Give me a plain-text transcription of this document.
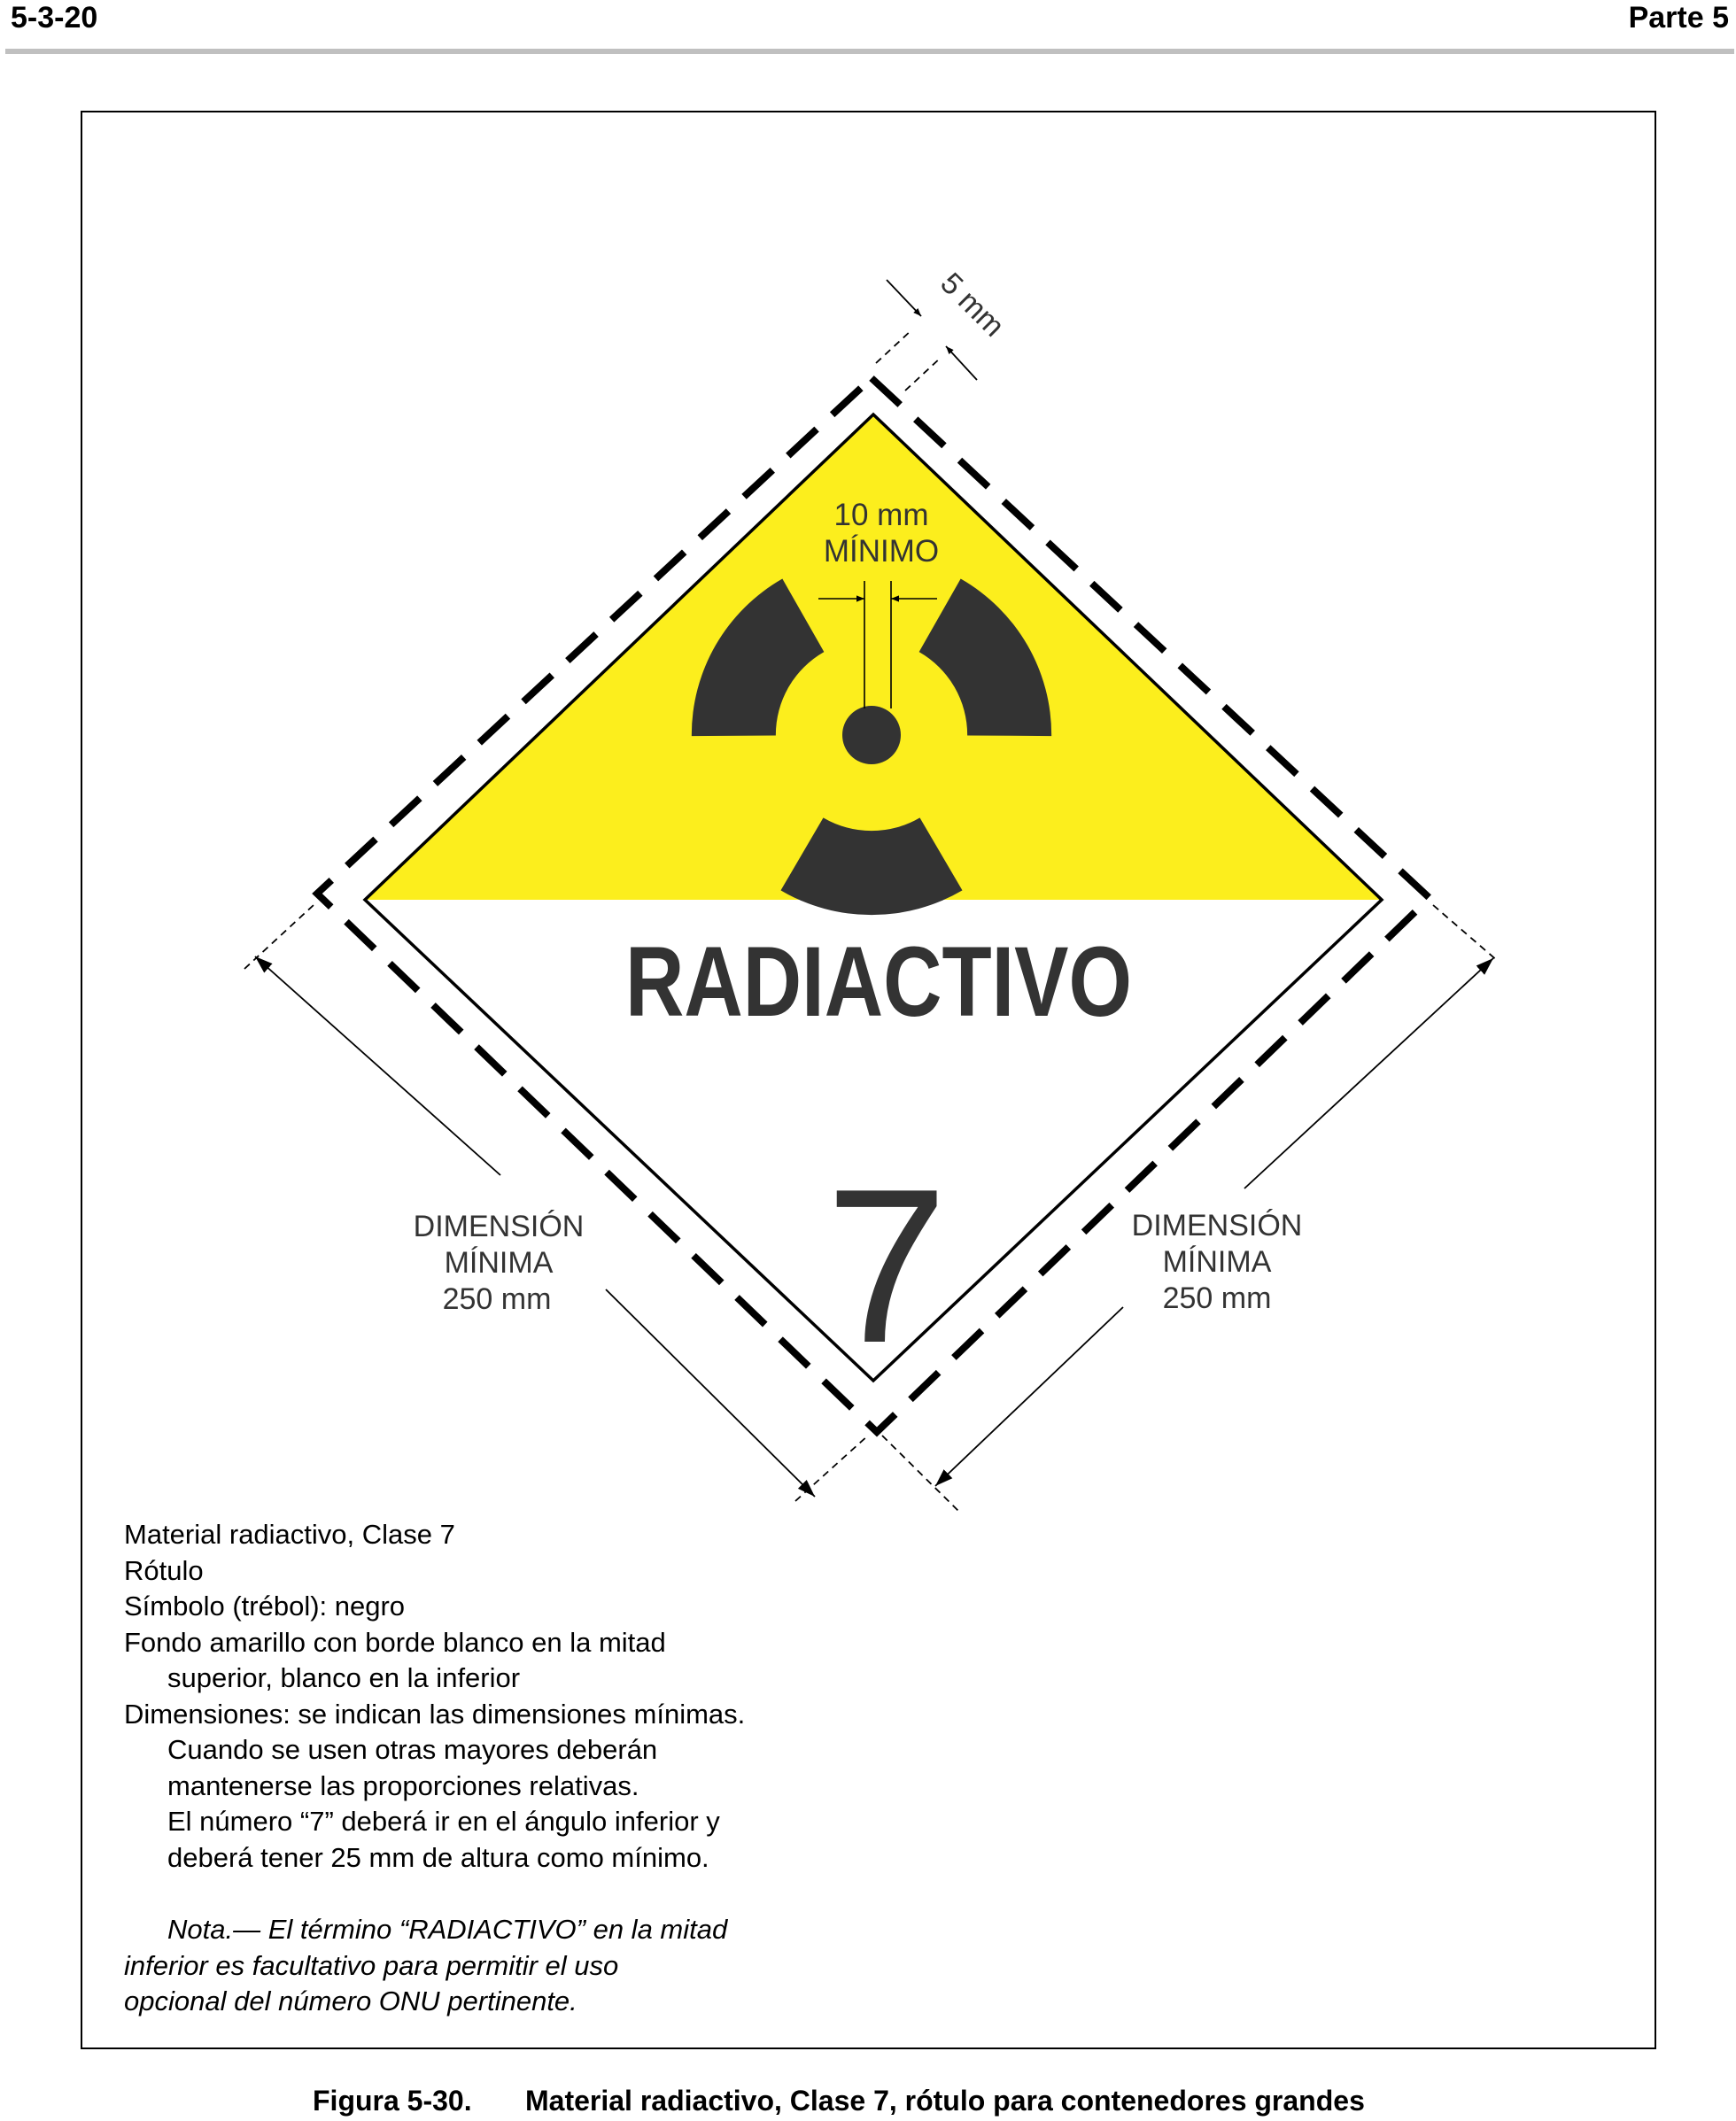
5-3-20	Parte 5
10 mm
MÍNIMO
5 mm
RADIACTIVO
7
DIMENSIÓN
MÍNIMA
250 mm
DIMENSIÓN
MÍNIMA
250 mm
Material radiactivo, Clase 7
Rótulo
Símbolo (trébol): negro
Fondo amarillo con borde blanco en la mitad
superior, blanco en la inferior
Dimensiones: se indican las dimensiones mínimas.
Cuando se usen otras mayores deberán
mantenerse las proporciones relativas.
El número “7” deberá ir en el ángulo inferior y
deberá tener 25 mm de altura como mínimo.
Nota.— El término “RADIACTIVO” en la mitad
inferior es facultativo para permitir el uso
opcional del número ONU pertinente.
Figura 5-30. Material radiactivo, Clase 7, rótulo para contenedores grandes
